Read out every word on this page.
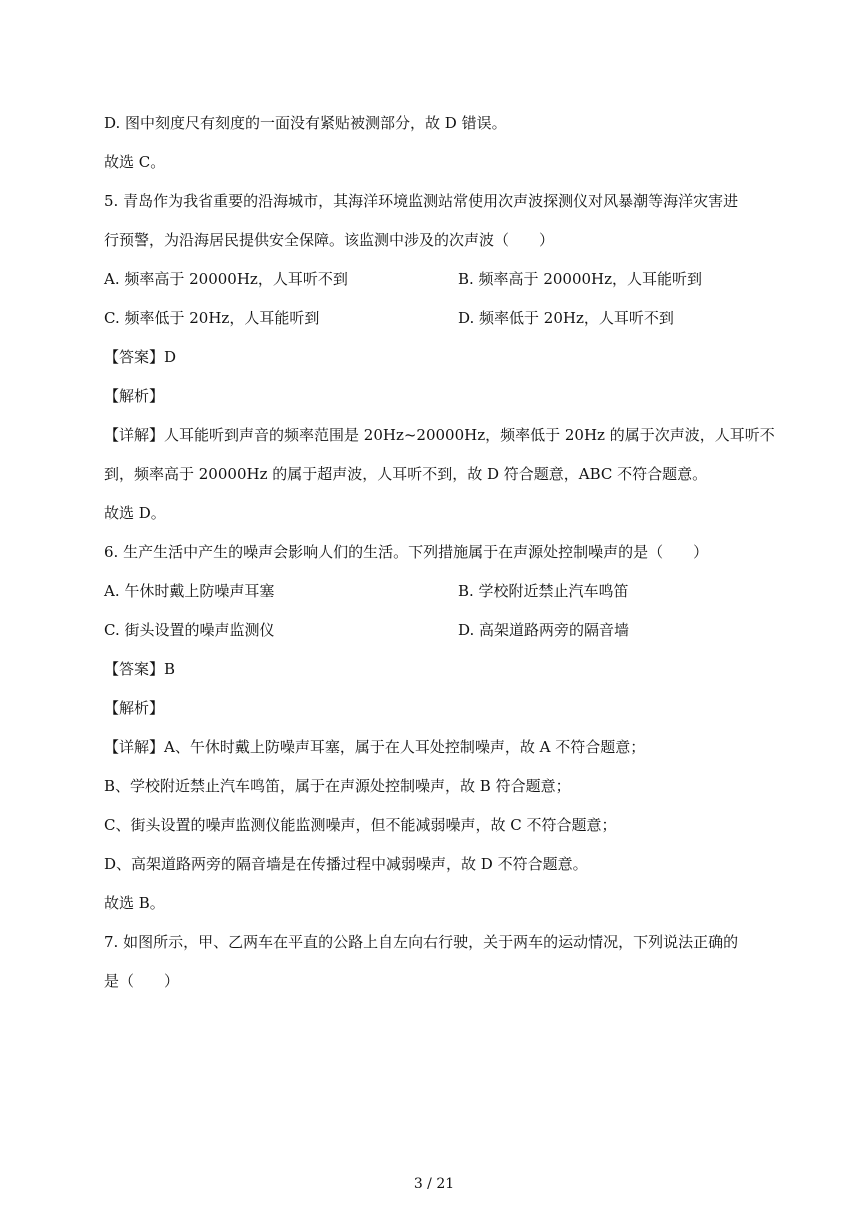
D. 图中刻度尺有刻度的一面没有紧贴被测部分，故 D 错误。
故选 C。
5. 青岛作为我省重要的沿海城市，其海洋环境监测站常使用次声波探测仪对风暴潮等海洋灾害进
行预警，为沿海居民提供安全保障。该监测中涉及的次声波（　　）
A. 频率高于 20000Hz，人耳听不到	B. 频率高于 20000Hz，人耳能听到
C. 频率低于 20Hz，人耳能听到	D. 频率低于 20Hz，人耳听不到
【答案】D
【解析】
【详解】人耳能听到声音的频率范围是 20Hz~20000Hz，频率低于 20Hz 的属于次声波，人耳听不
到，频率高于 20000Hz 的属于超声波，人耳听不到，故 D 符合题意，ABC 不符合题意。
故选 D。
6. 生产生活中产生的噪声会影响人们的生活。下列措施属于在声源处控制噪声的是（　　）
A. 午休时戴上防噪声耳塞	B. 学校附近禁止汽车鸣笛
C. 街头设置的噪声监测仪	D. 高架道路两旁的隔音墙
【答案】B
【解析】
【详解】A、午休时戴上防噪声耳塞，属于在人耳处控制噪声，故 A 不符合题意；
B、学校附近禁止汽车鸣笛，属于在声源处控制噪声，故 B 符合题意；
C、街头设置的噪声监测仪能监测噪声，但不能减弱噪声，故 C 不符合题意；
D、高架道路两旁的隔音墙是在传播过程中减弱噪声，故 D 不符合题意。
故选 B。
7. 如图所示，甲、乙两车在平直的公路上自左向右行驶，关于两车的运动情况，下列说法正确的
是（　　）
3 / 21
